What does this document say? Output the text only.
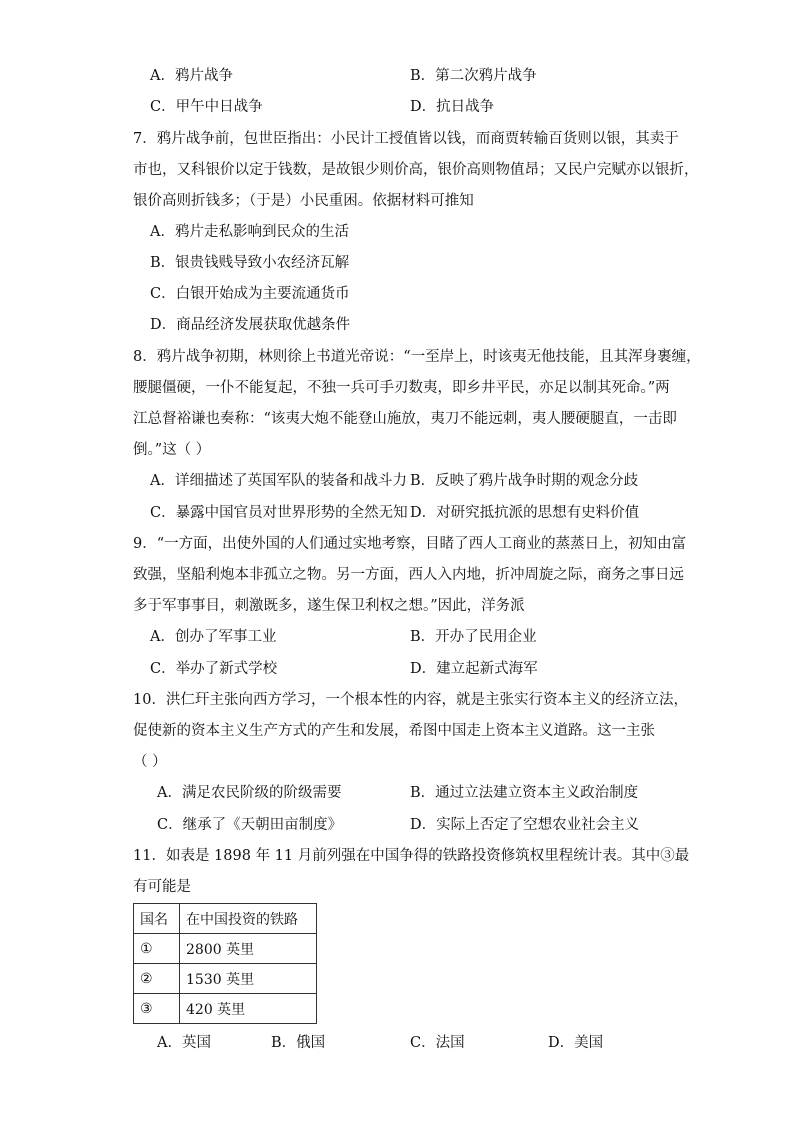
A．鸦片战争	B．第二次鸦片战争
C．甲午中日战争	D．抗日战争
7．鸦片战争前，包世臣指出：小民计工授值皆以钱，而商贾转输百货则以银，其卖于
市也，又科银价以定于钱数，是故银少则价高，银价高则物值昂；又民户完赋亦以银折，
银价高则折钱多；（于是）小民重困。依据材料可推知
A．鸦片走私影响到民众的生活
B．银贵钱贱导致小农经济瓦解
C．白银开始成为主要流通货币
D．商品经济发展获取优越条件
8．鸦片战争初期，林则徐上书道光帝说：“一至岸上，时该夷无他技能，且其浑身裹缠，
腰腿僵硬，一仆不能复起，不独一兵可手刃数夷，即乡井平民，亦足以制其死命。”两
江总督裕谦也奏称：“该夷大炮不能登山施放，夷刀不能远刺，夷人腰硬腿直，一击即
倒。”这（ ）
A．详细描述了英国军队的装备和战斗力 B．反映了鸦片战争时期的观念分歧
C．暴露中国官员对世界形势的全然无知 D．对研究抵抗派的思想有史料价值
9．“一方面，出使外国的人们通过实地考察，目睹了西人工商业的蒸蒸日上，初知由富
致强，坚船利炮本非孤立之物。另一方面，西人入内地，折冲周旋之际，商务之事日远
多于军事事目，刺激既多，遂生保卫利权之想。”因此，洋务派
A．创办了军事工业	B．开办了民用企业
C．举办了新式学校	D．建立起新式海军
10．洪仁玕主张向西方学习，一个根本性的内容，就是主张实行资本主义的经济立法，
促使新的资本主义生产方式的产生和发展，希图中国走上资本主义道路。这一主张
（ ）
A．满足农民阶级的阶级需要	B．通过立法建立资本主义政治制度
C．继承了《天朝田亩制度》	D．实际上否定了空想农业社会主义
11．如表是 1898 年 11 月前列强在中国争得的铁路投资修筑权里程统计表。其中③最
有可能是
国名	在中国投资的铁路
①	2800 英里
②	1530 英里
③	420 英里
A．英国	B．俄国	C．法国	D．美国
